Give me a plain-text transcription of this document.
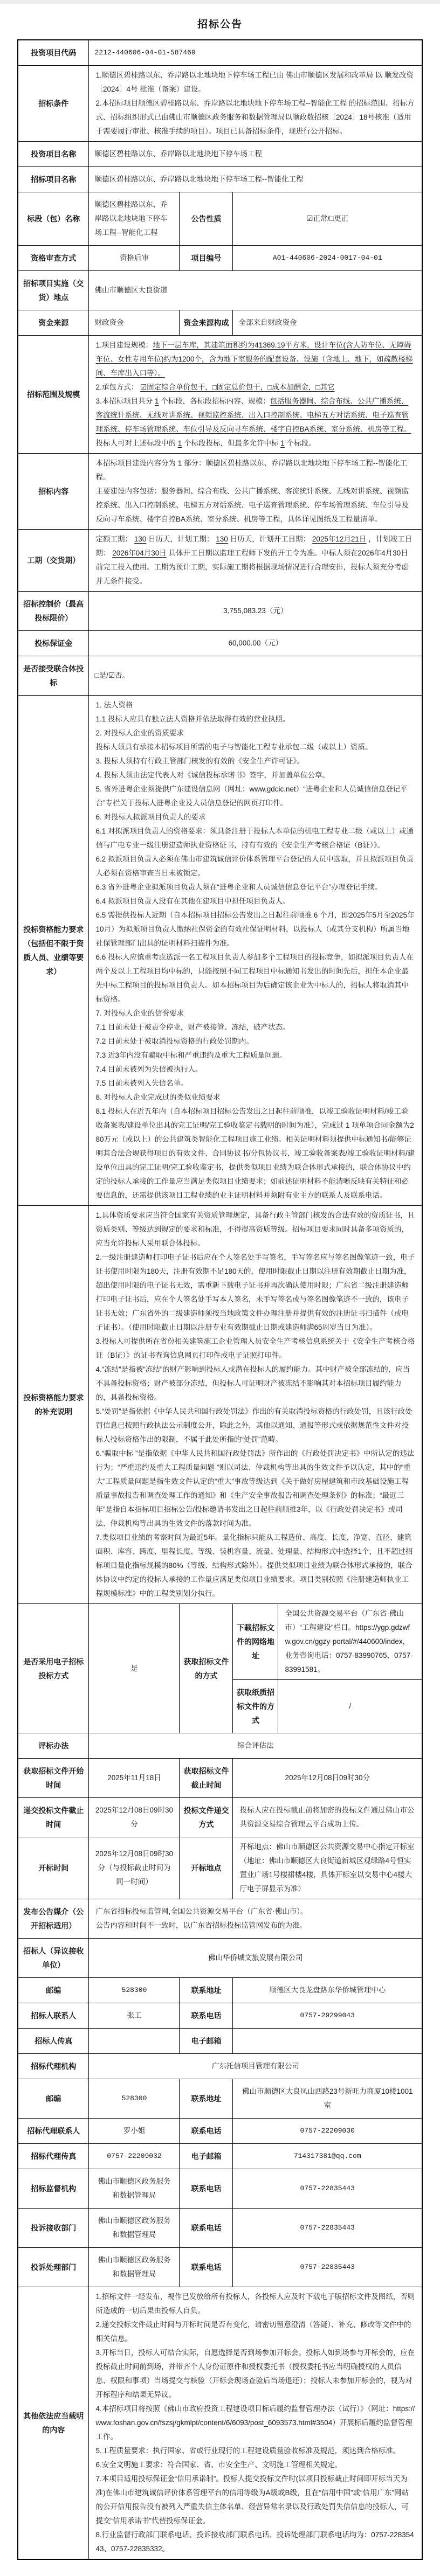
招标公告
投资项目代码	2212-440606-04-01-587469			
招标条件	1.顺德区碧桂路以东、乔岸路以北地块地下停车场工程已由 佛山市顺德区发展和改革局 以 顺发改资〔2024〕4号 批准（备案）建设。
2.本招标项目顺德区碧桂路以东、乔岸路以北地块地下停车场工程--智能化工程 的招标范围、招标方式、招标组织形式已由佛山市顺德区政务服务和数据管理局以顺政数招核〔2024〕18号核准（适用于需要履行审批、核准手续的项目）。项目已具备招标条件，现进行公开招标。			

投资项目名称	顺德区碧桂路以东、乔岸路以北地块地下停车场工程			
招标项目名称	顺德区碧桂路以东、乔岸路以北地块地下停车场工程--智能化工程			
标段（包）名称	顺德区碧桂路以东、乔岸路以北地块地下停车场工程--智能化工程	公告性质	☑正常/□更正	
资格审查方式	资格后审	项目编号	A01-440606-2024-0017-04-01	
招标项目实施（交货）地点	佛山市顺德区大良街道			
资金来源	财政资金	资金来源构成	全部来自财政资金	
招标范围及规模	1.项目建设规模：地下一层车库，其建筑面积约为41369.19平方米，设计车位(含人防车位、无障碍车位、女性专用车位)约为1200个，含为地下室服务的配套设备、设施（含地上、地下，如疏散楼梯间、车库出入口等）。
2.承包方式： ☑固定综合单价包干，□固定总价包干，□成本加酬金，□其它
3.本招标项目共分 1 个标段，各标段招标内容、规模：包括服务器间、综合布线、公共广播系统、客流统计系统、无线对讲系统、视频监控系统、出入口控制系统、电梯五方对话系统、电子巡查管理系统、停车场管理系统、车位引导及反向寻车系统、楼宇自控BA系统、室分系统、机房等工程。
投标人可对上述标段中的 1 个标段投标，但最多允许中标 1 个标段。			

招标内容	本招标项目建设内容分为 1 部分：顺德区碧桂路以东、乔岸路以北地块地下停车场工程--智能化工程。
主要建设内容包括：服务器间、综合布线、公共广播系统、客流统计系统、无线对讲系统、视频监控系统、出入口控制系统、电梯五方对话系统、电子巡查管理系统、停车场管理系统、车位引导及反向寻车系统、楼宇自控BA系统、室分系统、机房等工程，具体详见图纸及工程量清单。			

工期（交货期）	定额工期： 130 日历天，计划工期： 130 日历天，计划开工日期： 2025年12月21日 ，计划竣工日期： 2026年04月30日 具体开工日期以监理工程师下发的开工令为准。中标人须在2026年4月30日前完工投入使用。工期为预计工期，实际施工期将根据现场情况进行合理安排，投标人须充分考虑并无条件接受。			
招标控制价（最高投标限价）	3,755,083.23（元）			
投标保证金	60,000.00（元）			
是否接受联合体投标	□是/☑否。			
投标资格能力要求（包括但不限于资质人员、业绩等要求）	
1. 法人资格
1.1 投标人应具有独立法人资格并依法取得有效的营业执照。
2. 对投标人企业的资质要求
投标人须具有承接本招标项目所需的电子与智能化工程专业承包二级（或以上）资质。
3. 投标人须持有行政主管部门核发的有效的《安全生产许可证》。
4. 投标人须由法定代表人对《诚信投标承诺书》签字，并加盖单位公章。
5. 省外进粤企业须提供广东建设信息网（网址：www.gdcic.net）“进粤企业和人员诚信信息登记平台”专栏关于投标人进粤企业及人员信息登记的网页打印件。
6. 对投标人拟派项目负责人的要求
6.1 对拟派项目负责人的资格要求：须具备注册于投标人本单位的机电工程专业二级（或以上）或通信与广电专业一级注册建造师执业资格证书，持有有效的《安全生产考核合格证（B证）》。
6.2 拟派项目负责人必须在佛山市建筑诚信评价体系管理平台登记的人员中选取，并且拟派项目负责人必须在资格审查当日未被锁定。
6.3 省外进粤企业拟派项目负责人须在“进粤企业和人员诚信信息登记平台”办理登记手续。
6.4 拟派项目负责人没有在其他在建项目中担任项目负责人。
6.5 需提供投标人近期（自本招标项目招标公告发出之日起往前顺推 6 个月，即2025年5月至2025年10月）为拟派项目负责人缴纳社保资金的有效社保证明材料，以投标人（或其分支机构）所属当地社保管理部门出具的证明材料扫描件为准。
6.6 投标人应慎重考虑选派一名工程项目负责人参加多个工程项目的投标竞争，如拟派项目负责人在两个及以上工程项目均中标的，只能按照不同工程项目中标通知书发出的时间先后，担任本企业最先中标工程项目的投标项目负责人。如本招标项目为后确定该企业为中标人的，招标人将取消其中标资格。
7. 对投标人企业的信誉要求
7.1 目前未处于被责令停业，财产被接管、冻结，破产状态。
7.2 目前未处于被取消投标资格的行政处罚期内。
7.3 近3年内没有骗取中标和严重违约及重大工程质量问题。
7.4 目前未被列为失信被执行人。
7.5 目前未被列入失信名单。
8. 对投标人企业完成过的类似业绩要求
8.1 投标人在近五年内（自本招标项目招标公告发出之日起往前顺推，以竣工验收证明材料/竣工验收备案表/建设单位出具的完工证明/完工验收鉴定书载明的时间为准），完成过 1 项单项合同金额为280万元（或以上）的公共建筑类智能化工程项目施工业绩。相关证明材料须提供中标通知书/能够证明其合法合规获得项目的有效文件、合同协议书/分包协议书、竣工验收备案表/竣工验收证明材料/建设单位出具的完工证明/完工验收鉴定书，提供类似项目业绩为联合体形式承接的，联合体协议中约定的投标人承接的工作量应当满足类似项目业绩要求；如前述证明材料不能清晰反映有关特征和必要信息的，还需提供该项目工程业绩的业主证明材料并须附有业主方的联系人及联系电话。

投标资格能力要求的补充说明	
1.具体资质要求应当符合国家有关资质管理规定，具备行政主管部门核发的合法有效的资质证书，且资质类别、等级达到规定的要求和标准，不得提高资质等级。招标项目要求同时具备多项资质的，应当允许投标人采用联合体投标。
2.一级注册建造师打印电子证书后应在个人签名处手写签名，手写签名应与签名图像笔迹一致，电子证书使用时限为180天，注册有效期不足180天的，使用时限截止日期以注册有效期截止日期为准，超出使用时限的电子证书无效，需重新下载电子证书并再次确认使用时限；广东省二级注册建造师打印电子证书后，应在个人签名处手写本人签名，未手写签名或与签名图像笔迹不一致的，该电子证书无效；广东省外的二级建造师须按当地政策文件办理注册并提供有效的注册证书扫描件（或电子证书）。（使用时限截止日期以注册专业有效期截止日期或建造师满65周岁当日为准）。
3.投标人可提供所在省份相关建筑施工企业管理人员安全生产考核信息系统关于《安全生产考核合格证（B证）》的证书查询信息网页打印件或电子证照打印件。
4.“冻结”是指被“冻结”的财产影响到投标人或潜在投标人的履约能力。其中财产被全部冻结的，应当不具备投标资格；财产被部分冻结，但投标人可证明财产被冻结不影响其对本招标项目履约能力的，具备投标资格。
5.“处罚”是指依据《中华人民共和国行政处罚法》作出的有关取消投标资格的行政处罚，且该行政处罚信息已按照行政执法公示制度公开，除此之外，其他以通知、通报等形式或依据规范性文件对投标人投标资格作出的限制，不属于此处所指的“处罚”范畴。
6.“骗取中标 ”是指依据《中华人民共和国行政处罚法》所作出的《行政处罚决定书》中所认定的违法行为；“严重违约及重大工程质量问题 ”则以司法、仲裁机构等出具的生效文件予以认定，其中的“重大”工程质量问题是指生效文件认定的“重大”事故等级达到《关于做好房屋建筑和市政基础设施工程质量事故报告和调查处理工作的通知》和《生产安全事故报告和调查处理条例》的标准；“最近三年”是指自本招标项目招标公告/投标邀请书发出之日起往前顺推3年，以《行政处罚决定书》或司法、仲裁机构等出具的生效文件的落款时间为准。
7.类似项目业绩的考察时间为最近5年。量化指标只能从工程造价、高度、长度、净宽、直径、建筑面积、库容、跨度、里程长度、等级、装机容量、流量、处理量、结构形式中选择1个，且不超过招标项目量化指标规模的80%（等级、结构形式除外）。提供类似项目业绩为联合体形式承接的，联合体协议中约定的投标人承接的工作量应满足类似项目业绩要求。项目类别按照《注册建造师执业工程规模标准》中的工程类别划分执行。

是否采用电子招标投标方式	是	获取招标文件的方式	下载招标文件的网络地址	全国公共资源交易平台（广东省·佛山市）“工程建设”栏目。https://ygp.gdzwfw.gov.cn/ggzy-portal/#/440600/index，业务咨询电话：0757-83990765、0757-83991581。
			获取纸质招标文件的方式	/
评标办法	综合评估法			
获取招标文件开始时间	2025年11月18日	获取招标文件截止时间	2025年12月08日09时30分	
递交投标文件截止时间	2025年12月08日09时30分	投标文件递交方式	投标人应在投标截止前将加密的投标文件通过佛山市公共资源交易综合管理云平台成功上传。	
开标时间	2025年12月08日09时30分（与投标截止时间为同一时间）	开标地点	开标地点：佛山市顺德区公共资源交易中心指定开标室（地址：佛山市顺德区大良街道新城区观绿路4号恒实置业广场1号楼裙楼4楼，具体开标室以交易中心4楼大厅电子屏显示为准）	
发布公告媒介（公开招标适用）	广东省招标投标监管网,全国公共资源交易平台（广东省·佛山市）。
公告内容和时间不一致时，以广东省招标投标监管网发布的为准。			

招标人（异议接收单位）	佛山华侨城文旅发展有限公司			
邮编	528300	联系地址	顺德区大良龙盘路东华侨城管理中心	
招标人联系人	张工	联系电话	0757-29299043	
招标人传真		电子邮箱		
招标代理机构	广东托信项目管理有限公司			
邮编	528300	联系地址	佛山市顺德区大良凤山西路23号新旺力商厦10楼1001室	
招标代理联系人	罗小姐	联系电话	0757-22209030	
招标代理传真	0757-22209032	电子邮箱	714317381@qq.com	
招标监督机构	佛山市顺德区政务服务和数据管理局	联系电话	0757-22835443	
投诉接收部门	佛山市顺德区政务服务和数据管理局	联系电话	0757-22835443	
投诉处理部门	佛山市顺德区政务服务和数据管理局	联系电话	0757-22835443	
其他依法应当载明的内容	
1.招标文件一经发布，视作已发放给所有投标人，各投标人应及时下载电子版招标文件及图纸，否则所造成的一切后果由投标人自负。
2.递交投标文件截止时间与开标时间是否有变化，请密切留意澄清（答疑）、补充、修改等文件中的相关信息。
3.开标当日，投标人可结合实际，自愿选择是否到场参加开标会。投标人如到场参与开标会的，应在投标截止时间前到场，并带齐个人身份证原件和授权委托书（授权委托书应当明确授权的人员信息、权限和事项）当场提交与核验（开标会现场查验后当场退还）；投标人未参加开标会的，视为对开标程序和结果无异议。
4.本招标项目将按照《佛山市政府投资工程建设项目标后履约监督管理办法（试行）》（网址：https://www.foshan.gov.cn/fszsj/gkmlpt/content/6/6093/post_6093573.html#3504）开展标后履约监督管理工作。
5.工程质量要求：执行国家、省或行业现行的工程建设质量验收标准及规范，须达到合格标准。
6.安全文明施工要求：符合国家、省、市安全生产、文明施工管理相关规定。
7.本项目适用投标保证金“信用承诺制”。投标人提交投标文件时(以项目投标截止时间即开标当天为准)在佛山市建筑诚信评价体系管理平台的信用等级为A级或B级，且在“信用中国”或“信用广东”网站的公开信用报告没有被列入严重失信主体名单、经营异常名录以及行政处罚失信信息的投标人，可提交“信用承诺书”代替投标保证金。
8.行业监督行政部门联系电话、投诉接收部门联系电话、投诉处理部门联系电话均为：0757-22835443、0757-22835332。
